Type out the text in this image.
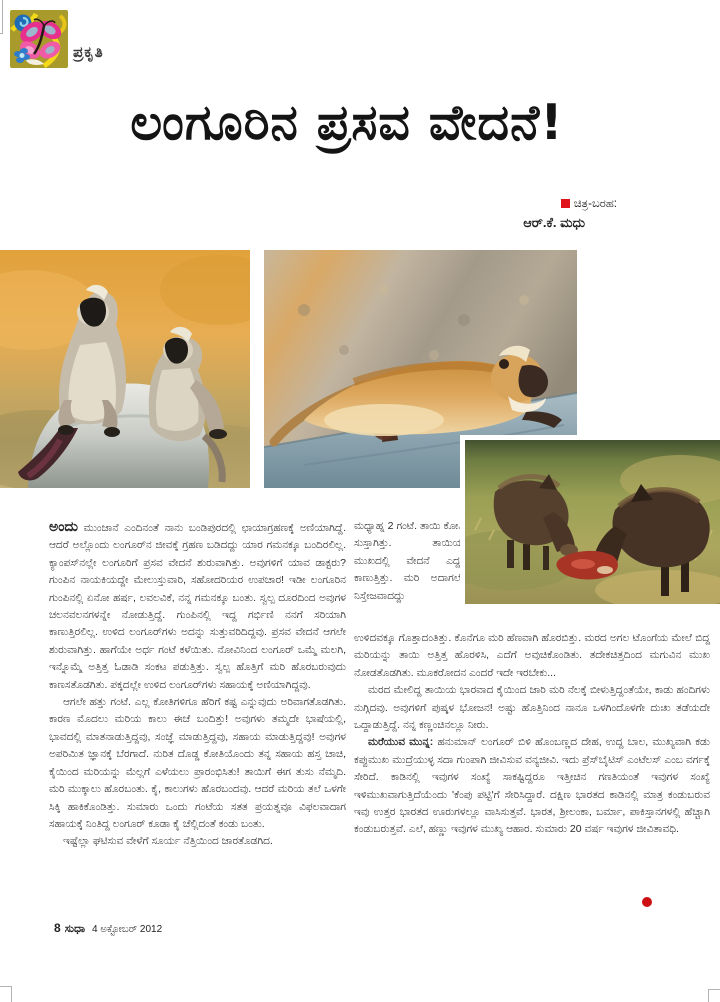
ಪ್ರಕೃತಿ
ಲಂಗೂರಿನ ಪ್ರಸವ ವೇದನೆ!
ಚಿತ್ರ-ಬರಹ:
ಆರ್.ಕೆ. ಮಧು

ಅಂದು ಮುಂಜಾನೆ ಎಂದಿನಂತೆ ನಾನು ಬಂಡಿಪುರದಲ್ಲಿ ಛಾಯಾಗ್ರಹಣಕ್ಕೆ ಅಣಿಯಾಗಿದ್ದೆ. ಆದರೆ ಅಲ್ಲೊಂದು ಲಂಗೂರ್‌ನ ಜೀವಕ್ಕೆ ಗ್ರಹಣ ಬಡಿದದ್ದು ಯಾರ ಗಮನಕ್ಕೂ ಬಂದಿರಲಿಲ್ಲ. ಕ್ಯಾಂಪಸ್‌ನಲ್ಲೇ ಲಂಗೂರಿಗೆ ಪ್ರಸವ ವೇದನೆ ಶುರುವಾಗಿತ್ತು. ಅವುಗಳಿಗೆ ಯಾವ ಡಾಕ್ಟರು? ಗುಂಪಿನ ನಾಯಕಿಯದ್ದೇ ಮೇಲುಸ್ತುವಾರಿ, ಸಹೋದರಿಯರ ಉಪಚಾರ! ಇಡೀ ಲಂಗೂರಿನ ಗುಂಪಿನಲ್ಲಿ ಏನೋ ಹರ್ಷ, ಲವಲವಿಕೆ, ನನ್ನ ಗಮನಕ್ಕೂ ಬಂತು. ಸ್ವಲ್ಪ ದೂರದಿಂದ ಅವುಗಳ ಚಲನವಲನಗಳನ್ನೇ ನೋಡುತ್ತಿದ್ದೆ. ಗುಂಪಿನಲ್ಲಿ ಇದ್ದ ಗರ್ಭಿಣಿ ನನಗೆ ಸರಿಯಾಗಿ ಕಾಣುತ್ತಿರಲಿಲ್ಲ. ಉಳಿದ ಲಂಗೂರ್‌ಗಳು ಅದನ್ನು ಸುತ್ತುವರಿದಿದ್ದವು. ಪ್ರಸವ ವೇದನೆ ಆಗಲೇ ಶುರುವಾಗಿತ್ತು. ಹಾಗೆಯೇ ಅರ್ಧ ಗಂಟೆ ಕಳೆಯಿತು. ನೋವಿನಿಂದ ಲಂಗೂರ್ ಒಮ್ಮೆ ಮಲಗಿ, ಇನ್ನೊಮ್ಮೆ ಅತ್ತಿತ್ತ ಓಡಾಡಿ ಸಂಕಟ ಪಡುತ್ತಿತ್ತು. ಸ್ವಲ್ಪ ಹೊತ್ತಿಗೆ ಮರಿ ಹೊರಬರುವುದು ಕಾಣಸತೊಡಗಿತು. ಪಕ್ಕದಲ್ಲೇ ಉಳಿದ ಲಂಗೂರ್‌ಗಳು ಸಹಾಯಕ್ಕೆ ಅಣಿಯಾಗಿದ್ದವು.

ಆಗಲೇ ಹತ್ತು ಗಂಟೆ. ಎಲ್ಲ ಕೋತಿಗಳಿಗೂ ಹೆರಿಗೆ ಕಷ್ಟ ಎನ್ನುವುದು ಅರಿವಾಗತೊಡಗಿತು. ಕಾರಣ ಮೊದಲು ಮರಿಯ ಕಾಲು ಈಚೆ ಬಂದಿತ್ತು! ಅವುಗಳು ತಮ್ಮದೇ ಭಾಷೆಯಲ್ಲಿ, ಭಾವದಲ್ಲಿ ಮಾತನಾಡುತ್ತಿದ್ದವು, ಸಂಜ್ಞೆ ಮಾಡುತ್ತಿದ್ದವು, ಸಹಾಯ ಮಾಡುತ್ತಿದ್ದವು! ಅವುಗಳ ಅಪರಿಮಿತ ಜ್ಞಾನಕ್ಕೆ ಬೆರಗಾದೆ. ನುರಿತ ದೊಡ್ಡ ಕೋತಿಯೊಂದು ತನ್ನ ಸಹಾಯ ಹಸ್ತ ಚಾಚಿ, ಕೈಯಿಂದ ಮರಿಯನ್ನು ಮೆಲ್ಲಗೆ ಎಳೆಯಲು ಪ್ರಾರಂಭಿಸಿತು! ತಾಯಿಗೆ ಈಗ ತುಸು ನೆಮ್ಮದಿ. ಮರಿ ಮುಕ್ಕಾಲು ಹೊರಬಂತು. ಕೈ, ಕಾಲುಗಳು ಹೊರಬಂದವು. ಆದರೆ ಮರಿಯ ತಲೆ ಒಳಗೇ ಸಿಕ್ಕಿ ಹಾಕಿಕೊಂಡಿತ್ತು. ಸುಮಾರು ಒಂದು ಗಂಟೆಯ ಸತತ ಪ್ರಯತ್ನವೂ ವಿಫಲವಾದಾಗ ಸಹಾಯಕ್ಕೆ ನಿಂತಿದ್ದ ಲಂಗೂರ್ ಕೂಡಾ ಕೈ ಚೆಲ್ಲಿದಂತೆ ಕಂಡು ಬಂತು.

ಇಷ್ಟೆಲ್ಲಾ ಘಟಿಸುವ ವೇಳೆಗೆ ಸೂರ್ಯ ನೆತ್ತಿಯಿಂದ ಜಾರತೊಡಗಿದ.

ಮಧ್ಯಾಹ್ನ 2 ಗಂಟೆ. ತಾಯಿ ಕೋತಿ ಸುಸ್ತಾಗಿತ್ತು. ತಾಯಿಯ ಮುಖದಲ್ಲಿ ವೇದನೆ ಎದ್ದು ಕಾಣುತ್ತಿತ್ತು. ಮರಿ ಅದಾಗಲೇ ನಿಸ್ತೇಜವಾದದ್ದು

ಉಳಿದವಕ್ಕೂ ಗೊತ್ತಾದಂತಿತ್ತು. ಕೊನೆಗೂ ಮರಿ ಹೆಣವಾಗಿ ಹೊರಬಿತ್ತು. ಮರದ ಅಗಲ ಟೊಂಗೆಯ ಮೇಲೆ ಬಿದ್ದ ಮರಿಯನ್ನು ತಾಯಿ ಅತ್ತಿತ್ತ ಹೊರಳಿಸಿ, ಎದೆಗೆ ಅವುಚಿಕೊಂಡಿತು. ತದೇಕಚಿತ್ತದಿಂದ ಮಗುವಿನ ಮುಖ ನೋಡತೊಡಗಿತು. ಮೂಕರೋದನ ಎಂದರೆ ಇದೇ ಇರಬೇಕು...

ಮರದ ಮೇಲಿದ್ದ ತಾಯಿಯ ಭಾರವಾದ ಕೈಯಿಂದ ಜಾರಿ ಮರಿ ನೆಲಕ್ಕೆ ಬೀಳುತ್ತಿದ್ದಂತೆಯೇ, ಕಾಡು ಹಂದಿಗಳು ನುಗ್ಗಿದವು. ಅವುಗಳಿಗೆ ಪುಷ್ಕಳ ಭೋಜನ! ಅಷ್ಟು ಹೊತ್ತಿನಿಂದ ನಾನೂ ಒಳಗಿಂದೊಳಗೇ ದುಃಖ ತಡೆಯದೇ ಒದ್ದಾಡುತ್ತಿದ್ದೆ. ನನ್ನ ಕಣ್ಣಂಚಿನಲ್ಲೂ ನೀರು.

ಮರೆಯುವ ಮುನ್ನ: ಹನುಮಾನ್ ಲಂಗೂರ್ ಬಿಳಿ ಹೊಂಬಣ್ಣದ ದೇಹ, ಉದ್ದ ಬಾಲ, ಮುಖ್ಯವಾಗಿ ಕಡು ಕಪ್ಪುಮುಖ ಮುದ್ರೆಯುಳ್ಳ ಸದಾ ಗುಂಪಾಗಿ ಜೀವಿಸುವ ವನ್ಯಜೀವಿ. ಇದು ಪ್ರೆಸ್‌ಬೈಟಿಸ್ ಎಂಟೆಲಸ್ ಎಂಬ ವರ್ಗಕ್ಕೆ ಸೇರಿದೆ. ಕಾಡಿನಲ್ಲಿ ಇವುಗಳ ಸಂಖ್ಯೆ ಸಾಕಷ್ಟಿದ್ದರೂ ಇತ್ತೀಚಿನ ಗಣತಿಯಂತೆ ಇವುಗಳ ಸಂಖ್ಯೆ ಇಳಿಮುಖವಾಗುತ್ತಿದೆಯೆಂದು 'ಕೆಂಪು ಪಟ್ಟಿ'ಗೆ ಸೇರಿಸಿದ್ದಾರೆ. ದಕ್ಷಿಣ ಭಾರತದ ಕಾಡಿನಲ್ಲಿ ಮಾತ್ರ ಕಂಡುಬರುವ ಇವು ಉತ್ತರ ಭಾರತದ ಊರುಗಳಲ್ಲೂ ವಾಸಿಸುತ್ತವೆ. ಭಾರತ, ಶ್ರೀಲಂಕಾ, ಬರ್ಮಾ, ಪಾಕಿಸ್ತಾನಗಳಲ್ಲಿ ಹೆಚ್ಚಾಗಿ ಕಂಡುಬರುತ್ತವೆ. ಎಲೆ, ಹಣ್ಣು ಇವುಗಳ ಮುಖ್ಯ ಆಹಾರ. ಸುಮಾರು 20 ವರ್ಷ ಇವುಗಳ ಜೀವಿತಾವಧಿ.

8 ಸುಧಾ 4 ಅಕ್ಟೋಬರ್ 2012
